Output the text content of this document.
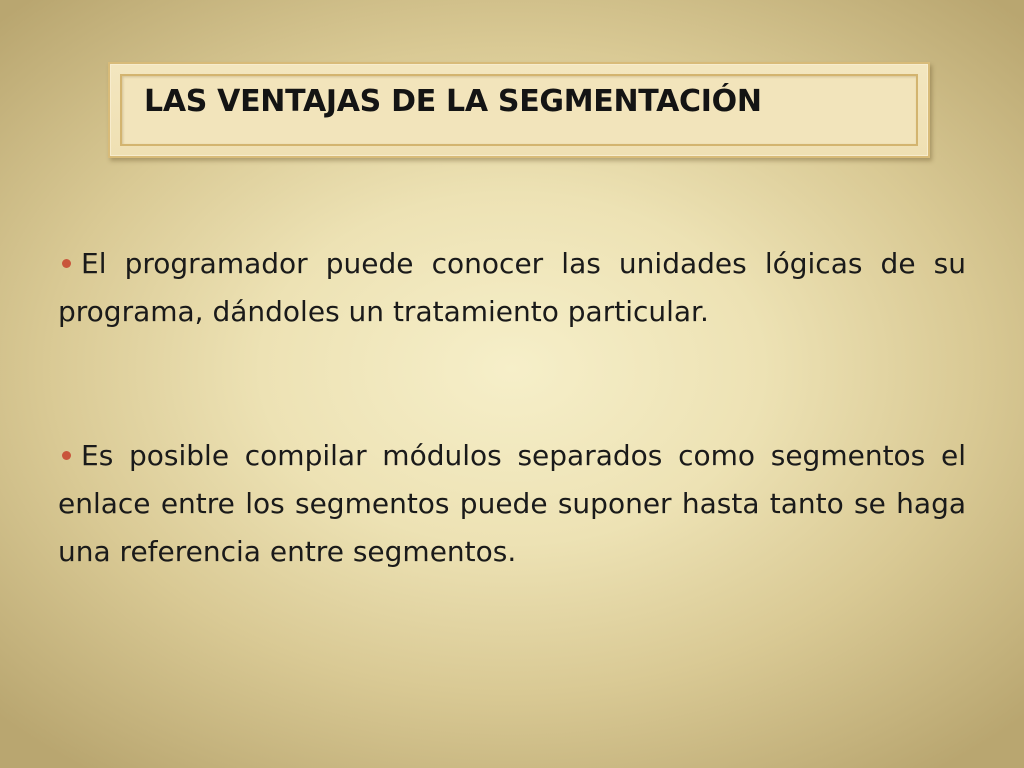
LAS VENTAJAS DE LA SEGMENTACIÓN

El programador puede conocer las unidades lógicas de su programa, dándoles un tratamiento particular.

Es posible compilar módulos separados como segmentos el enlace entre los segmentos puede suponer hasta tanto se haga una referencia entre segmentos.
